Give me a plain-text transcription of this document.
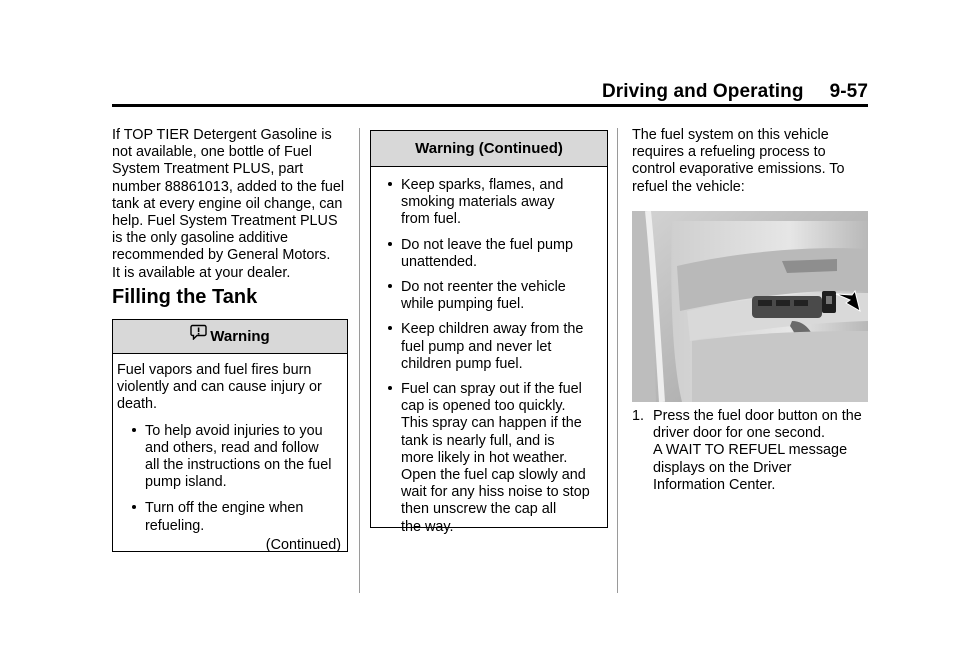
Driving and Operating 9-57
If TOP TIER Detergent Gasoline is
not available, one bottle of Fuel
System Treatment PLUS, part
number 88861013, added to the fuel
tank at every engine oil change, can
help. Fuel System Treatment PLUS
is the only gasoline additive
recommended by General Motors.
It is available at your dealer.
Filling the Tank
Warning
Fuel vapors and fuel fires burn
violently and can cause injury or
death.
To help avoid injuries to you
and others, read and follow
all the instructions on the fuel
pump island.
Turn off the engine when
refueling.
(Continued)
Warning (Continued)
Keep sparks, flames, and
smoking materials away
from fuel.
Do not leave the fuel pump
unattended.
Do not reenter the vehicle
while pumping fuel.
Keep children away from the
fuel pump and never let
children pump fuel.
Fuel can spray out if the fuel
cap is opened too quickly.
This spray can happen if the
tank is nearly full, and is
more likely in hot weather.
Open the fuel cap slowly and
wait for any hiss noise to stop
then unscrew the cap all
the way.
The fuel system on this vehicle
requires a refueling process to
control evaporative emissions. To
refuel the vehicle:
1. Press the fuel door button on the
driver door for one second.
A WAIT TO REFUEL message
displays on the Driver
Information Center.
